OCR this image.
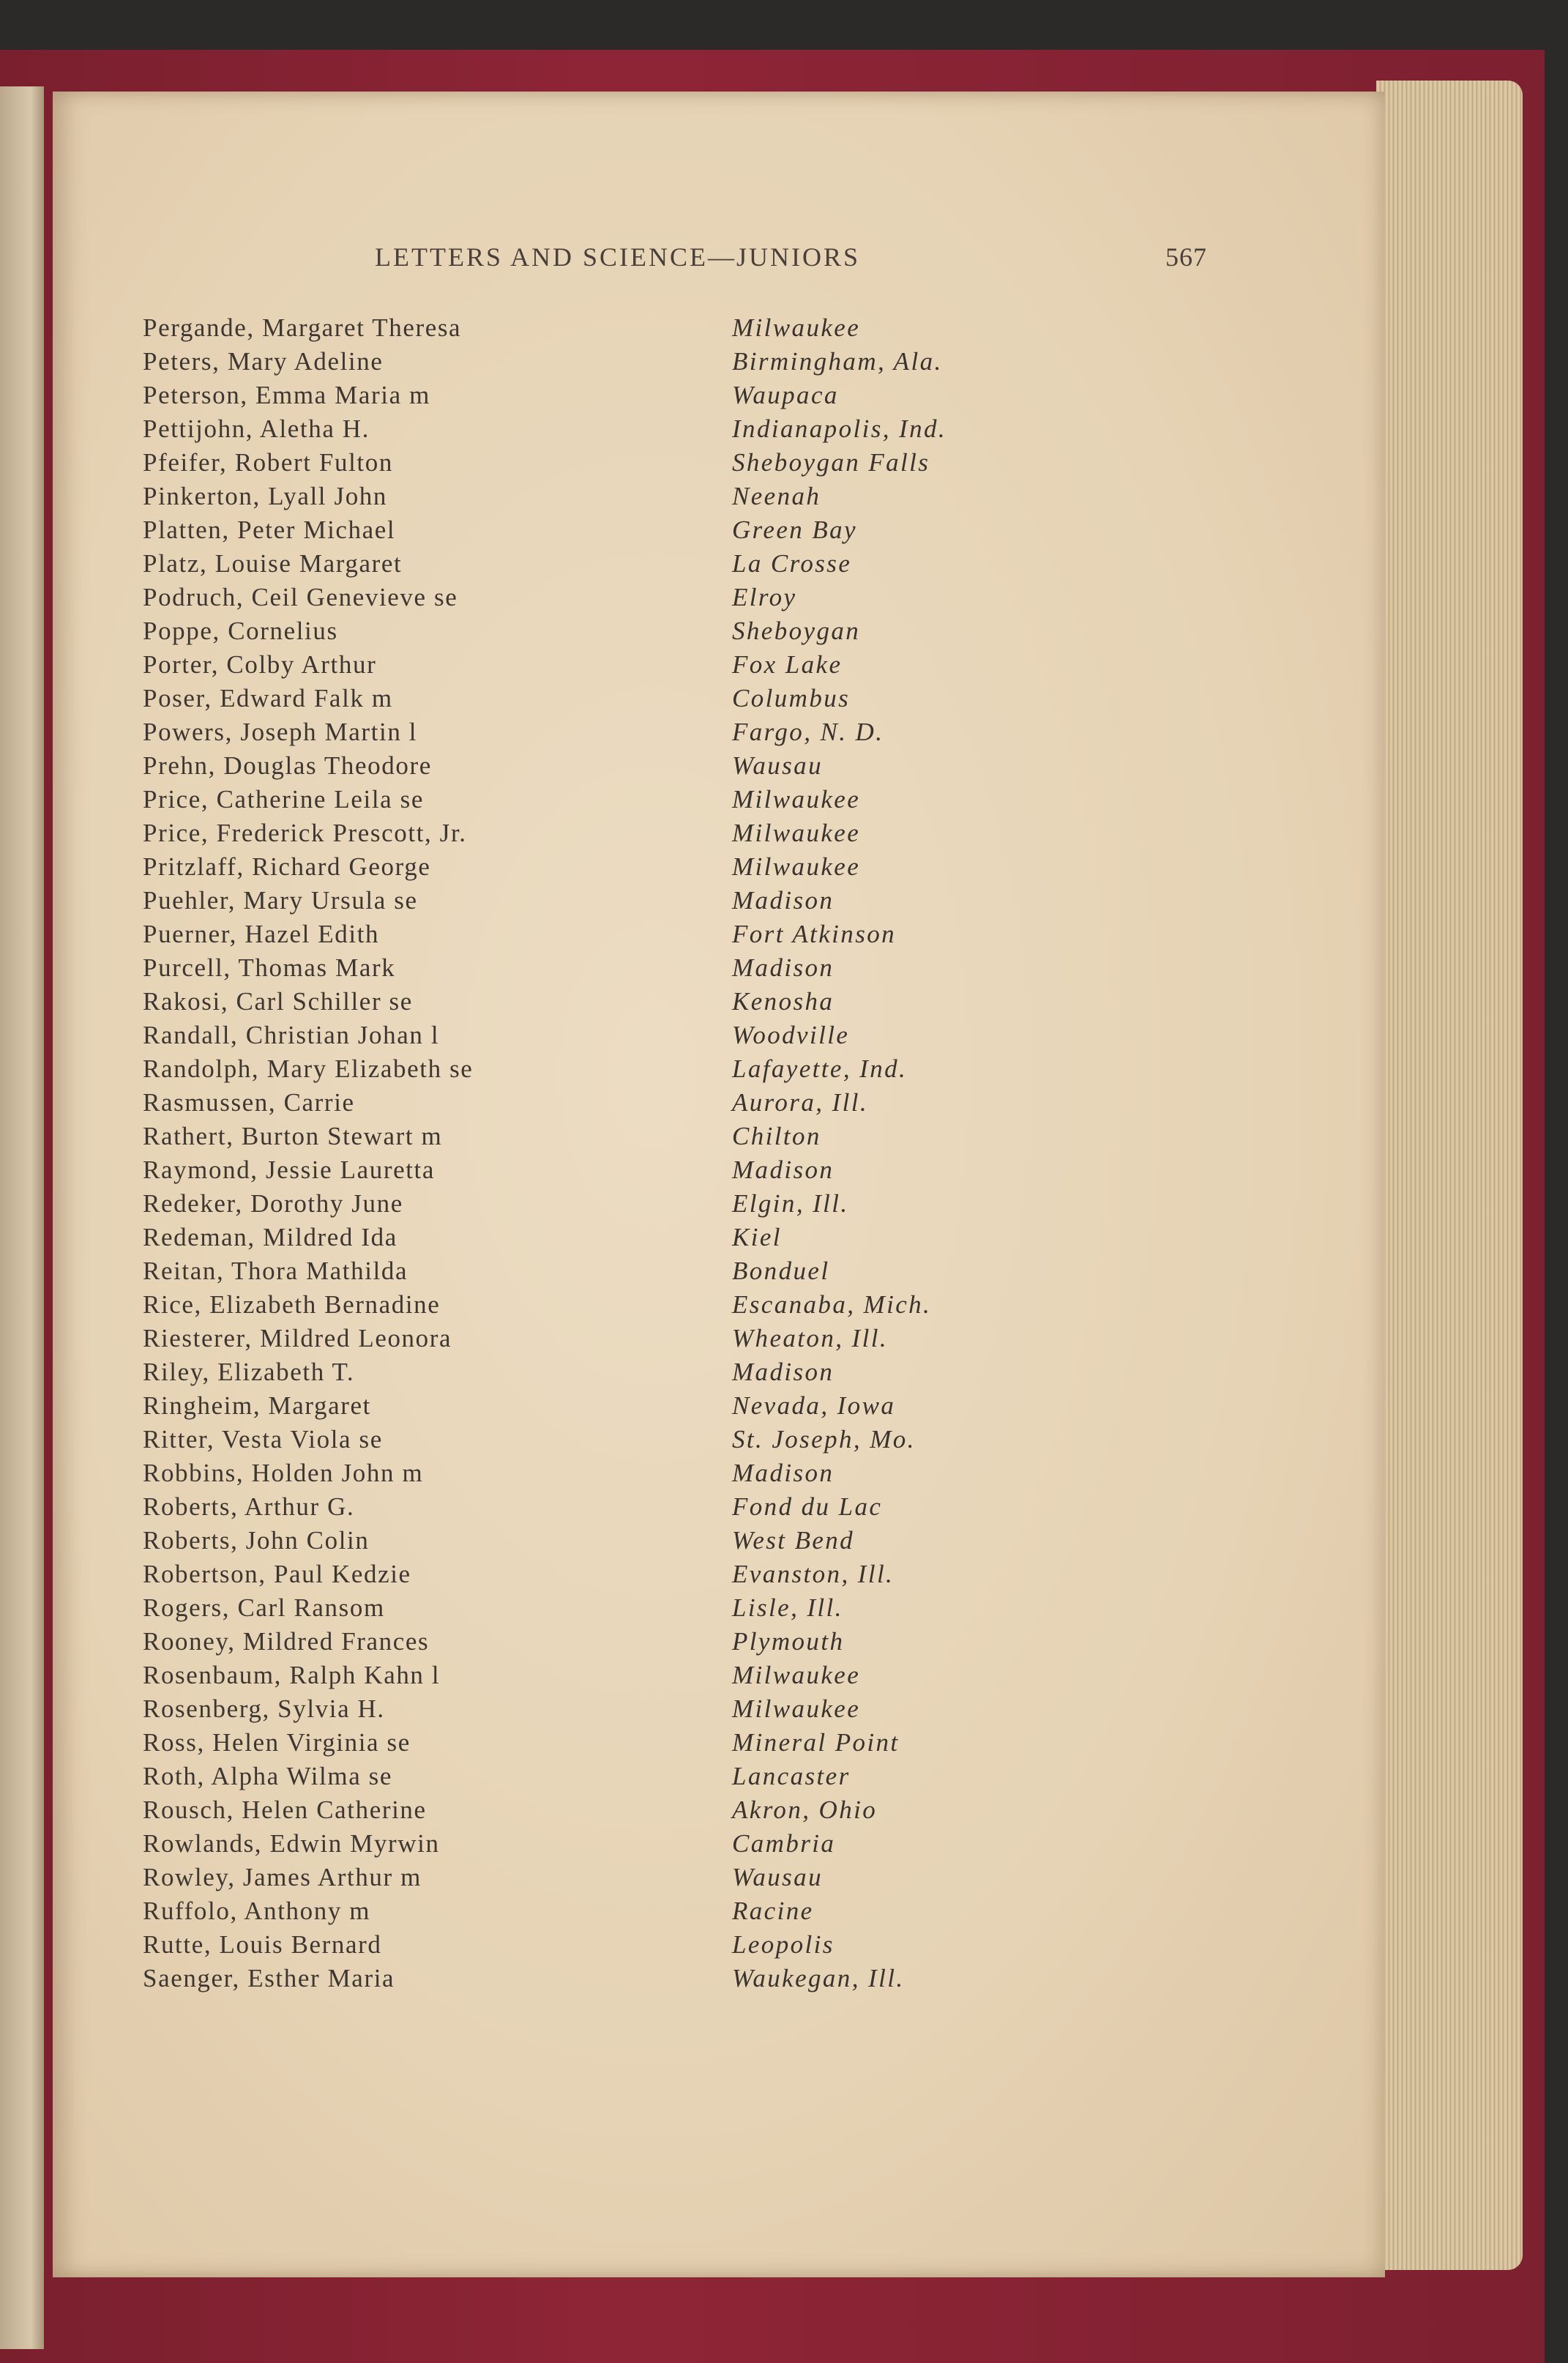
LETTERS AND SCIENCE—JUNIORS	567
Pergande, Margaret Theresa	Milwaukee
Peters, Mary Adeline	Birmingham, Ala.
Peterson, Emma Maria m	Waupaca
Pettijohn, Aletha H.	Indianapolis, Ind.
Pfeifer, Robert Fulton	Sheboygan Falls
Pinkerton, Lyall John	Neenah
Platten, Peter Michael	Green Bay
Platz, Louise Margaret	La Crosse
Podruch, Ceil Genevieve se	Elroy
Poppe, Cornelius	Sheboygan
Porter, Colby Arthur	Fox Lake
Poser, Edward Falk m	Columbus
Powers, Joseph Martin l	Fargo, N. D.
Prehn, Douglas Theodore	Wausau
Price, Catherine Leila se	Milwaukee
Price, Frederick Prescott, Jr.	Milwaukee
Pritzlaff, Richard George	Milwaukee
Puehler, Mary Ursula se	Madison
Puerner, Hazel Edith	Fort Atkinson
Purcell, Thomas Mark	Madison
Rakosi, Carl Schiller se	Kenosha
Randall, Christian Johan l	Woodville
Randolph, Mary Elizabeth se	Lafayette, Ind.
Rasmussen, Carrie	Aurora, Ill.
Rathert, Burton Stewart m	Chilton
Raymond, Jessie Lauretta	Madison
Redeker, Dorothy June	Elgin, Ill.
Redeman, Mildred Ida	Kiel
Reitan, Thora Mathilda	Bonduel
Rice, Elizabeth Bernadine	Escanaba, Mich.
Riesterer, Mildred Leonora	Wheaton, Ill.
Riley, Elizabeth T.	Madison
Ringheim, Margaret	Nevada, Iowa
Ritter, Vesta Viola se	St. Joseph, Mo.
Robbins, Holden John m	Madison
Roberts, Arthur G.	Fond du Lac
Roberts, John Colin	West Bend
Robertson, Paul Kedzie	Evanston, Ill.
Rogers, Carl Ransom	Lisle, Ill.
Rooney, Mildred Frances	Plymouth
Rosenbaum, Ralph Kahn l	Milwaukee
Rosenberg, Sylvia H.	Milwaukee
Ross, Helen Virginia se	Mineral Point
Roth, Alpha Wilma se	Lancaster
Rousch, Helen Catherine	Akron, Ohio
Rowlands, Edwin Myrwin	Cambria
Rowley, James Arthur m	Wausau
Ruffolo, Anthony m	Racine
Rutte, Louis Bernard	Leopolis
Saenger, Esther Maria	Waukegan, Ill.
